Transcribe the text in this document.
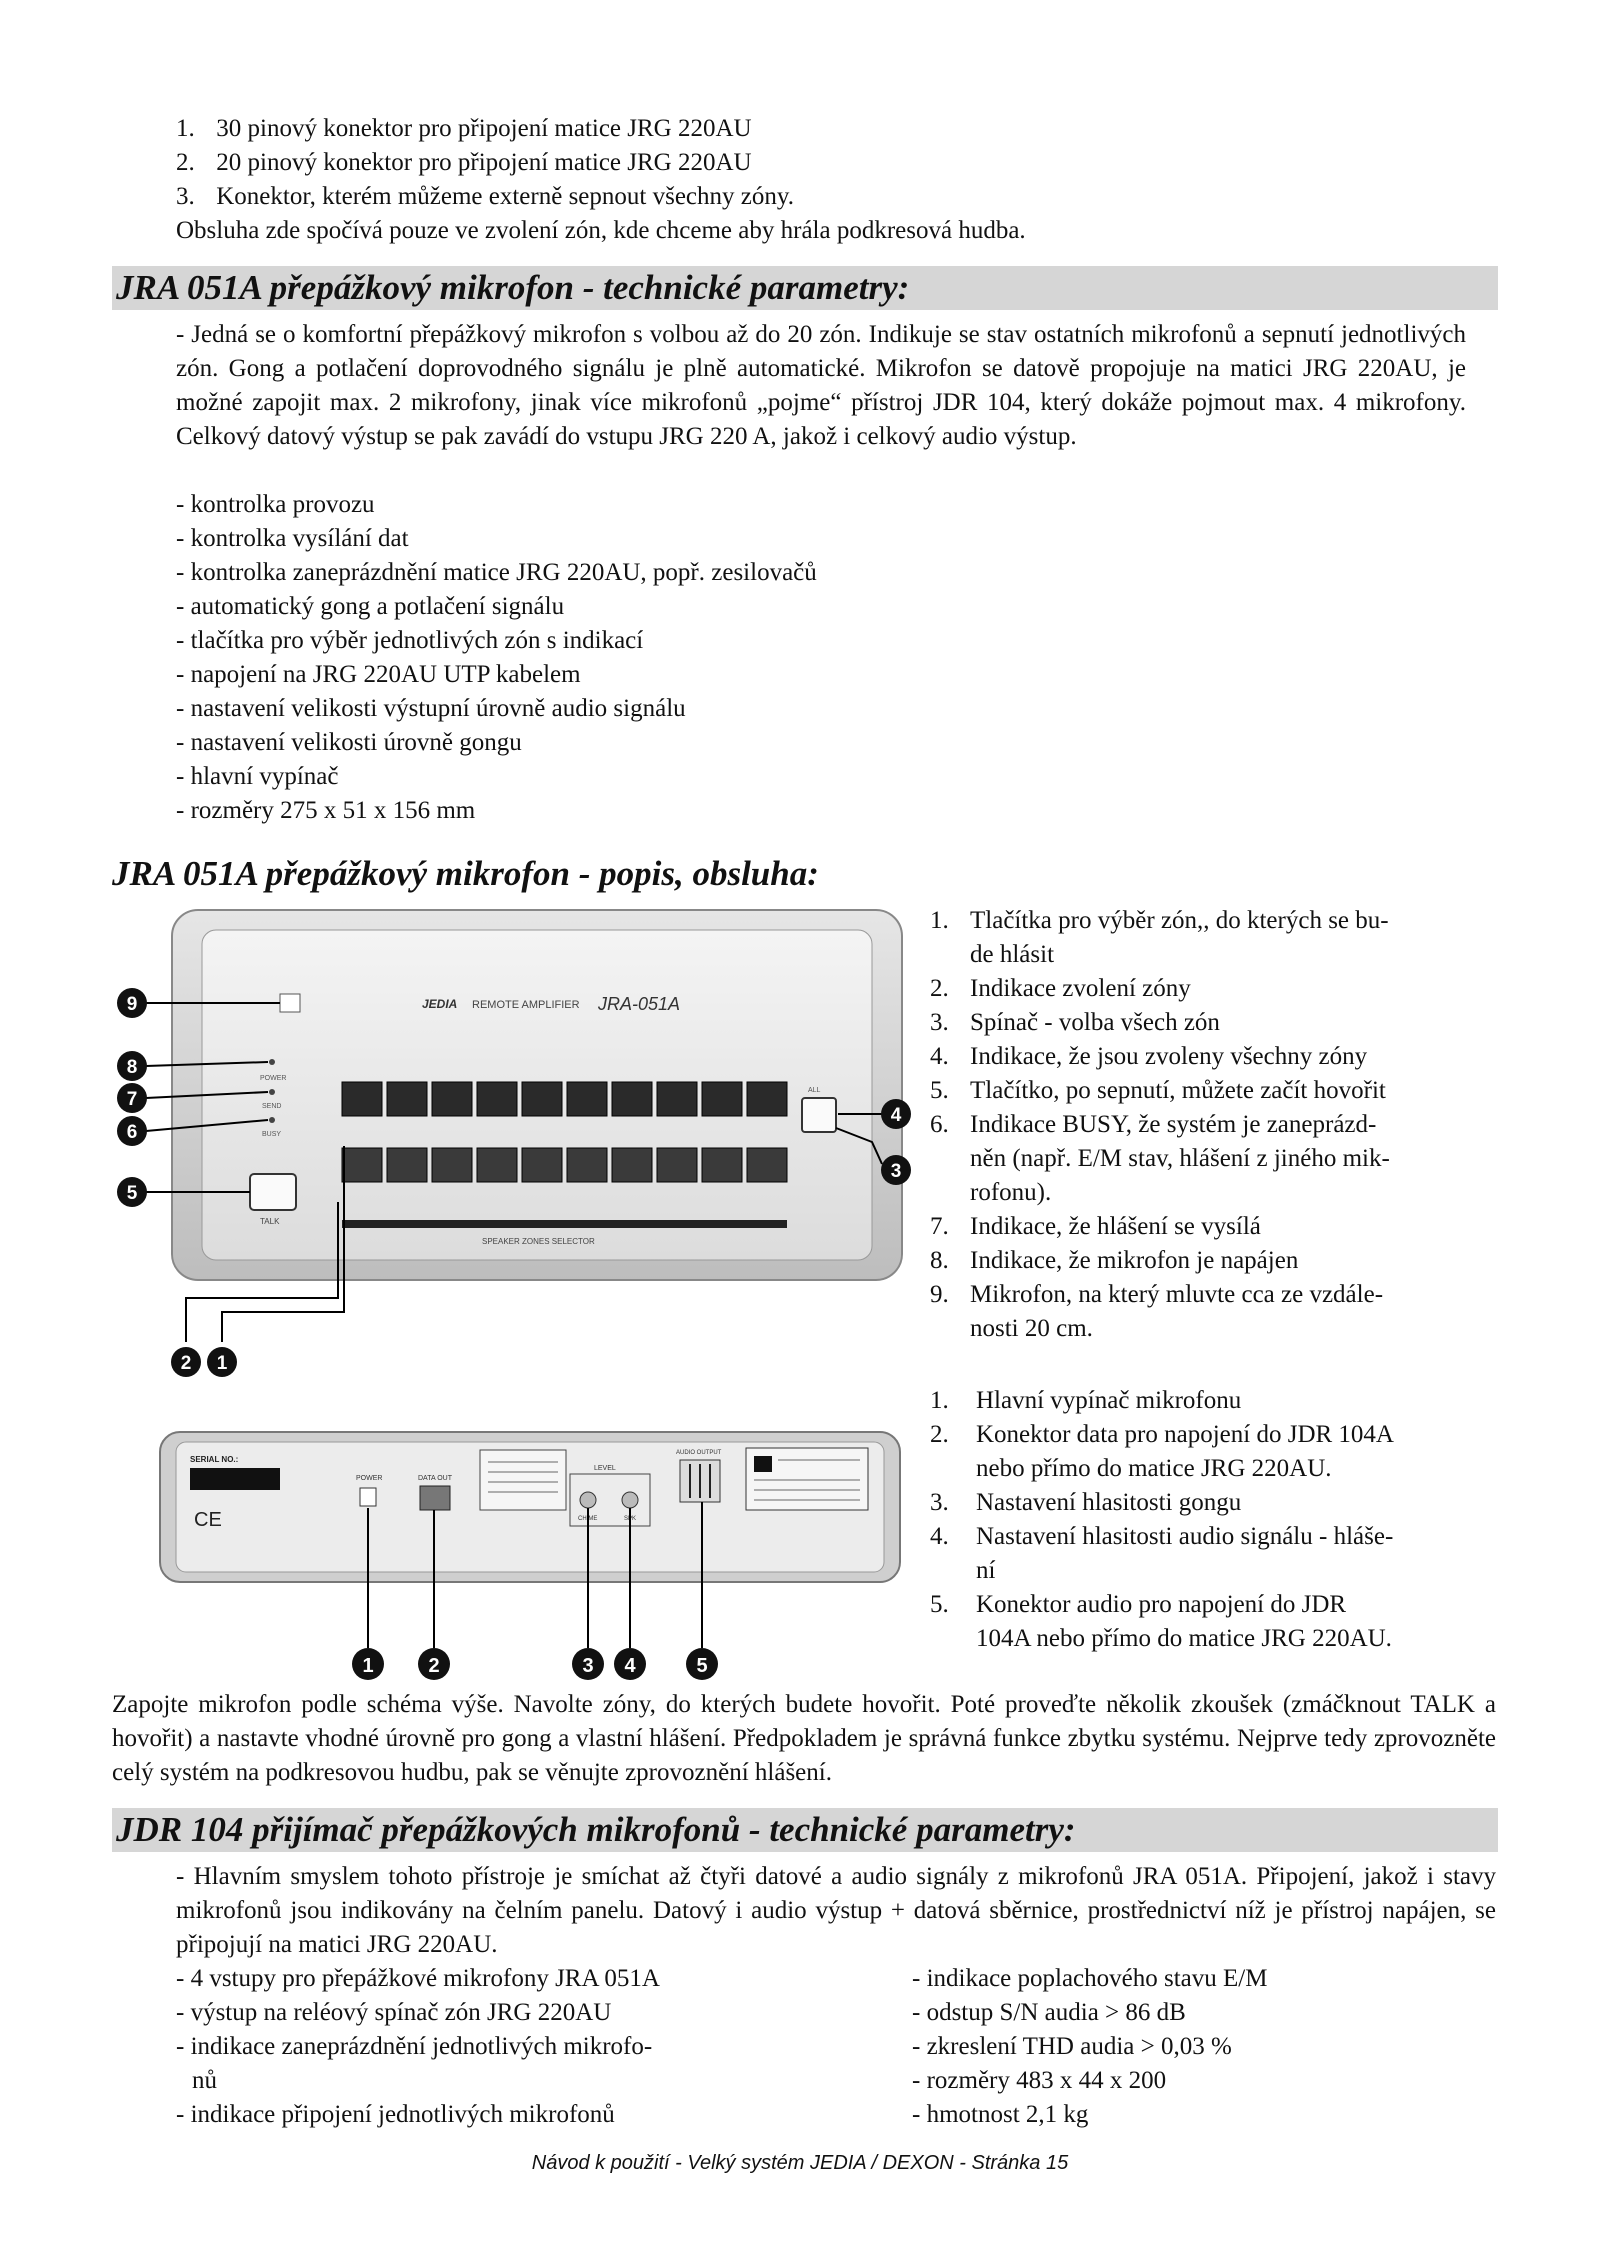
1. 30 pinový konektor pro připojení matice JRG 220AU
2. 20 pinový konektor pro připojení matice JRG 220AU
3. Konektor, kterém můžeme externě sepnout všechny zóny.
Obsluha zde spočívá pouze ve zvolení zón, kde chceme aby hrála podkresová hudba.
JRA 051A přepážkový mikrofon - technické parametry:
- Jedná se o komfortní přepážkový mikrofon s volbou až do 20 zón. Indikuje se stav ostatních mikrofonů a sepnutí jednotlivých zón. Gong a potlačení doprovodného signálu je plně automatické. Mikrofon se datově propojuje na matici JRG 220AU, je možné zapojit max. 2 mikrofony, jinak více mikrofonů „pojme“ přístroj JDR 104, který dokáže pojmout max. 4 mikrofony. Celkový datový výstup se pak zavádí do vstupu JRG 220 A, jakož i celkový audio výstup.
- kontrolka provozu
- kontrolka vysílání dat
- kontrolka zaneprázdnění matice JRG 220AU, popř. zesilovačů
- automatický gong a potlačení signálu
- tlačítka pro výběr jednotlivých zón s indikací
- napojení na JRG 220AU UTP kabelem
- nastavení velikosti výstupní úrovně audio signálu
- nastavení velikosti úrovně gongu
- hlavní vypínač
- rozměry 275 x 51 x 156 mm
JRA 051A přepážkový mikrofon - popis, obsluha:
JEDIA REMOTE AMPLIFIER JRA-051A
POWER
SEND
BUSY
TALK
ALL
SPEAKER ZONES SELECTOR
9
8
7
6
5
4
3
2 1
1. Tlačítka pro výběr zón,, do kterých se bu-
de hlásit
2. Indikace zvolení zóny
3. Spínač - volba všech zón
4. Indikace, že jsou zvoleny všechny zóny
5. Tlačítko, po sepnutí, můžete začít hovořit
6. Indikace BUSY, že systém je zaneprázd-
něn (např. E/M stav, hlášení z jiného mik-
rofonu).
7. Indikace, že hlášení se vysílá
8. Indikace, že mikrofon je napájen
9. Mikrofon, na který mluvte cca ze vzdále-
nosti 20 cm.
SERIAL NO.:
CE
POWER	DATA OUT
LEVEL
CHIME	SPK
AUDIO OUTPUT
1	2	3 4	5
1.	Hlavní vypínač mikrofonu
2.	Konektor data pro napojení do JDR 104A
nebo přímo do matice JRG 220AU.
3.	Nastavení hlasitosti gongu
4.	Nastavení hlasitosti audio signálu - hláše-
ní
5.	Konektor audio pro napojení do JDR
104A nebo přímo do matice JRG 220AU.
Zapojte mikrofon podle schéma výše. Navolte zóny, do kterých budete hovořit. Poté proveďte několik zkoušek (zmáčknout TALK a hovořit) a nastavte vhodné úrovně pro gong a vlastní hlášení. Předpokladem je správná funkce zbytku systému. Nejprve tedy zprovozněte celý systém na podkresovou hudbu, pak se věnujte zprovoznění hlášení.
JDR 104 přijímač přepážkových mikrofonů - technické parametry:
- Hlavním smyslem tohoto přístroje je smíchat až čtyři datové a audio signály z mikrofonů JRA 051A. Připojení, jakož i stavy mikrofonů jsou indikovány na čelním panelu. Datový i audio výstup + datová sběrnice, prostřednictví níž je přístroj napájen, se připojují na matici JRG 220AU.
- 4 vstupy pro přepážkové mikrofony JRA 051A
- výstup na reléový spínač zón JRG 220AU
- indikace zaneprázdnění jednotlivých mikrofo-
nů
- indikace připojení jednotlivých mikrofonů
- indikace poplachového stavu E/M
- odstup S/N audia > 86 dB
- zkreslení THD audia > 0,03 %
- rozměry 483 x 44 x 200
- hmotnost 2,1 kg
Návod k použití - Velký systém JEDIA / DEXON - Stránka 15
